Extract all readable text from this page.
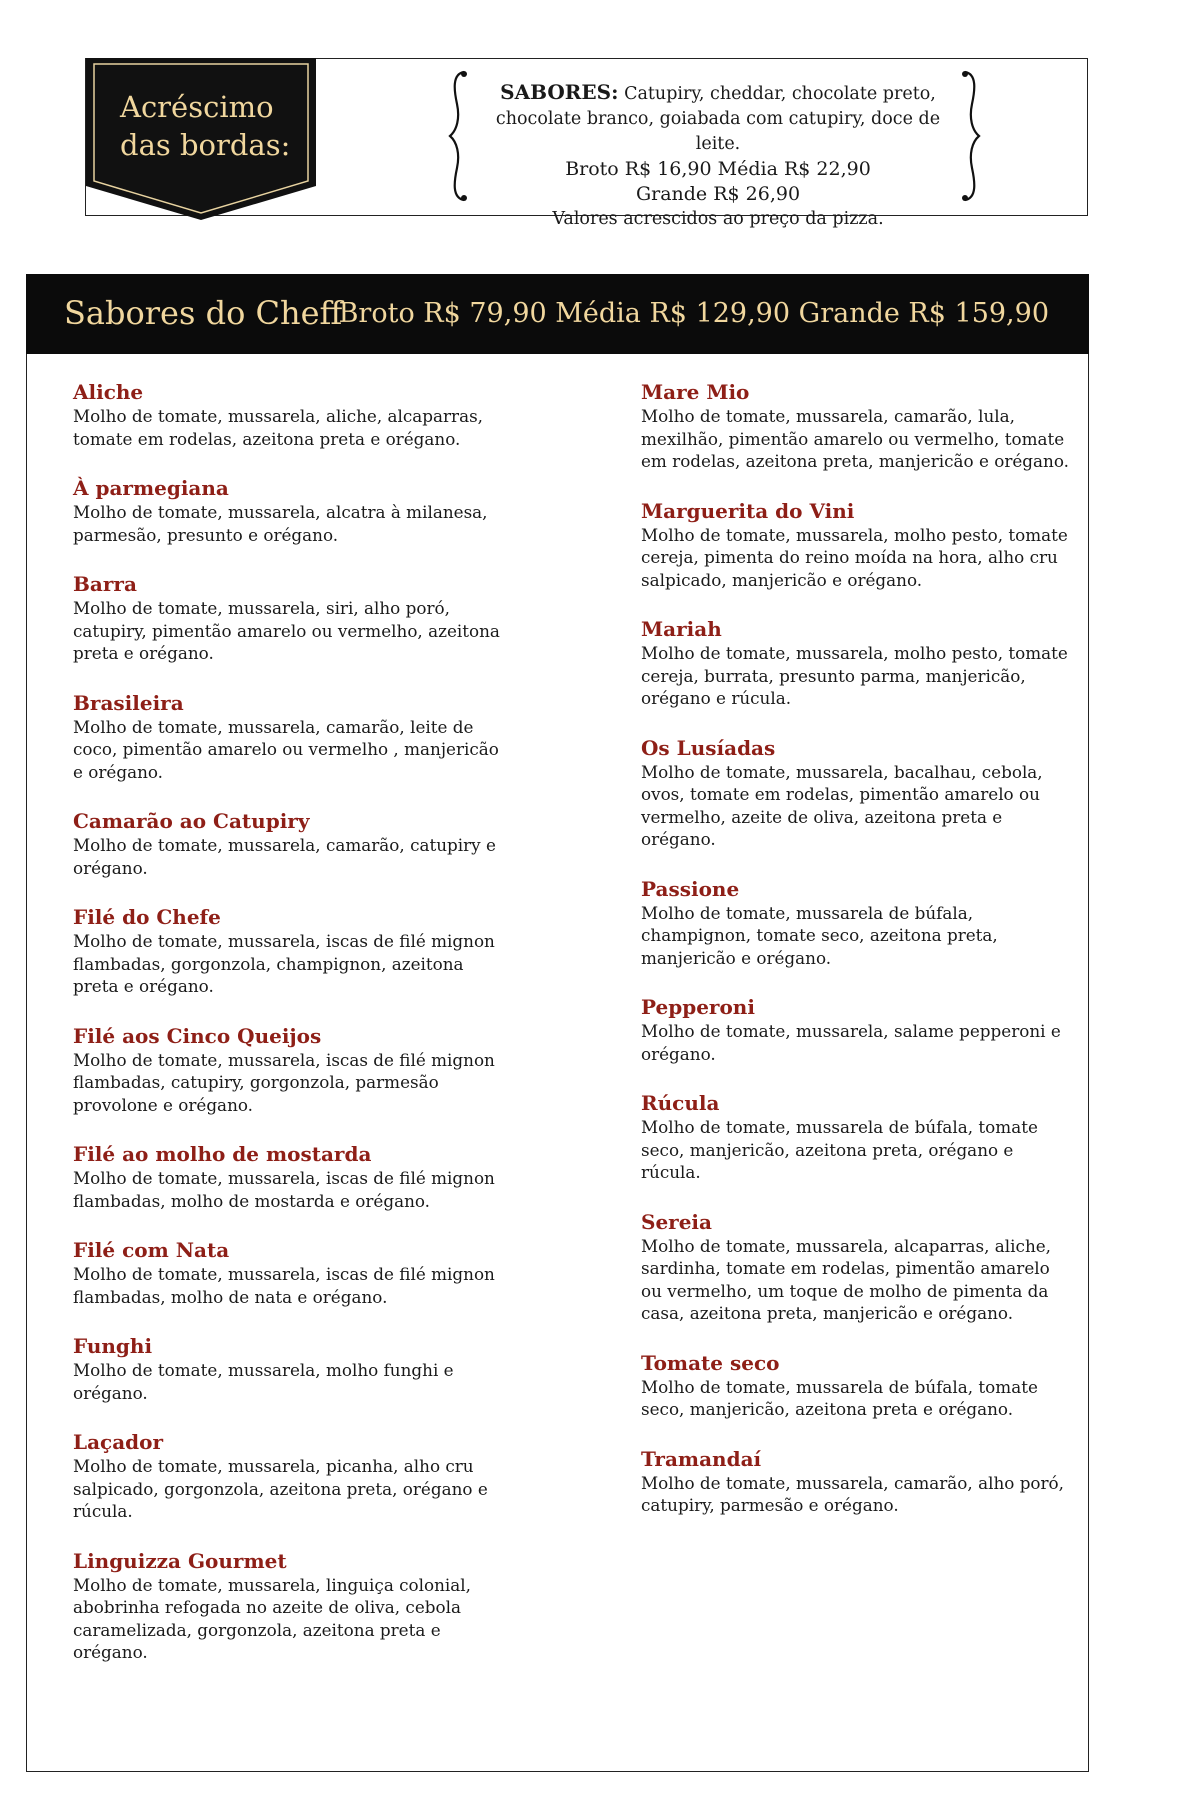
Acréscimo
das bordas:
SABORES: Catupiry, cheddar, chocolate preto,
chocolate branco, goiabada com catupiry, doce de leite.
Broto R$ 16,90 Média R$ 22,90
Grande R$ 26,90
Valores acrescidos ao preço da pizza.
Sabores do Cheff
Broto R$ 79,90 Média R$ 129,90 Grande R$ 159,90
Aliche
Molho de tomate, mussarela, aliche, alcaparras, tomate em rodelas, azeitona preta e orégano.
À parmegiana
Molho de tomate, mussarela, alcatra à milanesa, parmesão, presunto e orégano.
Barra
Molho de tomate, mussarela, siri, alho poró, catupiry, pimentão amarelo ou vermelho, azeitona preta e orégano.
Brasileira
Molho de tomate, mussarela, camarão, leite de coco, pimentão amarelo ou vermelho , manjericão e orégano.
Camarão ao Catupiry
Molho de tomate, mussarela, camarão, catupiry e orégano.
Filé do Chefe
Molho de tomate, mussarela, iscas de filé mignon flambadas, gorgonzola, champignon, azeitona preta e orégano.
Filé aos Cinco Queijos
Molho de tomate, mussarela, iscas de filé mignon flambadas, catupiry, gorgonzola, parmesão provolone e orégano.
Filé ao molho de mostarda
Molho de tomate, mussarela, iscas de filé mignon flambadas, molho de mostarda e orégano.
Filé com Nata
Molho de tomate, mussarela, iscas de filé mignon flambadas, molho de nata e orégano.
Funghi
Molho de tomate, mussarela, molho funghi e orégano.
Laçador
Molho de tomate, mussarela, picanha, alho cru salpicado, gorgonzola, azeitona preta, orégano e rúcula.
Linguizza Gourmet
Molho de tomate, mussarela, linguiça colonial, abobrinha refogada no azeite de oliva, cebola caramelizada, gorgonzola, azeitona preta e orégano.
Mare Mio
Molho de tomate, mussarela, camarão, lula, mexilhão, pimentão amarelo ou vermelho, tomate em rodelas, azeitona preta, manjericão e orégano.
Marguerita do Vini
Molho de tomate, mussarela, molho pesto, tomate cereja, pimenta do reino moída na hora, alho cru salpicado, manjericão e orégano.
Mariah
Molho de tomate, mussarela, molho pesto, tomate cereja, burrata, presunto parma, manjericão, orégano e rúcula.
Os Lusíadas
Molho de tomate, mussarela, bacalhau, cebola, ovos, tomate em rodelas, pimentão amarelo ou vermelho, azeite de oliva, azeitona preta e orégano.
Passione
Molho de tomate, mussarela de búfala, champignon, tomate seco, azeitona preta, manjericão e orégano.
Pepperoni
Molho de tomate, mussarela, salame pepperoni e orégano.
Rúcula
Molho de tomate, mussarela de búfala, tomate seco, manjericão, azeitona preta, orégano e rúcula.
Sereia
Molho de tomate, mussarela, alcaparras, aliche, sardinha, tomate em rodelas, pimentão amarelo ou vermelho, um toque de molho de pimenta da casa, azeitona preta, manjericão e orégano.
Tomate seco
Molho de tomate, mussarela de búfala, tomate seco, manjericão, azeitona preta e orégano.
Tramandaí
Molho de tomate, mussarela, camarão, alho poró, catupiry, parmesão e orégano.
